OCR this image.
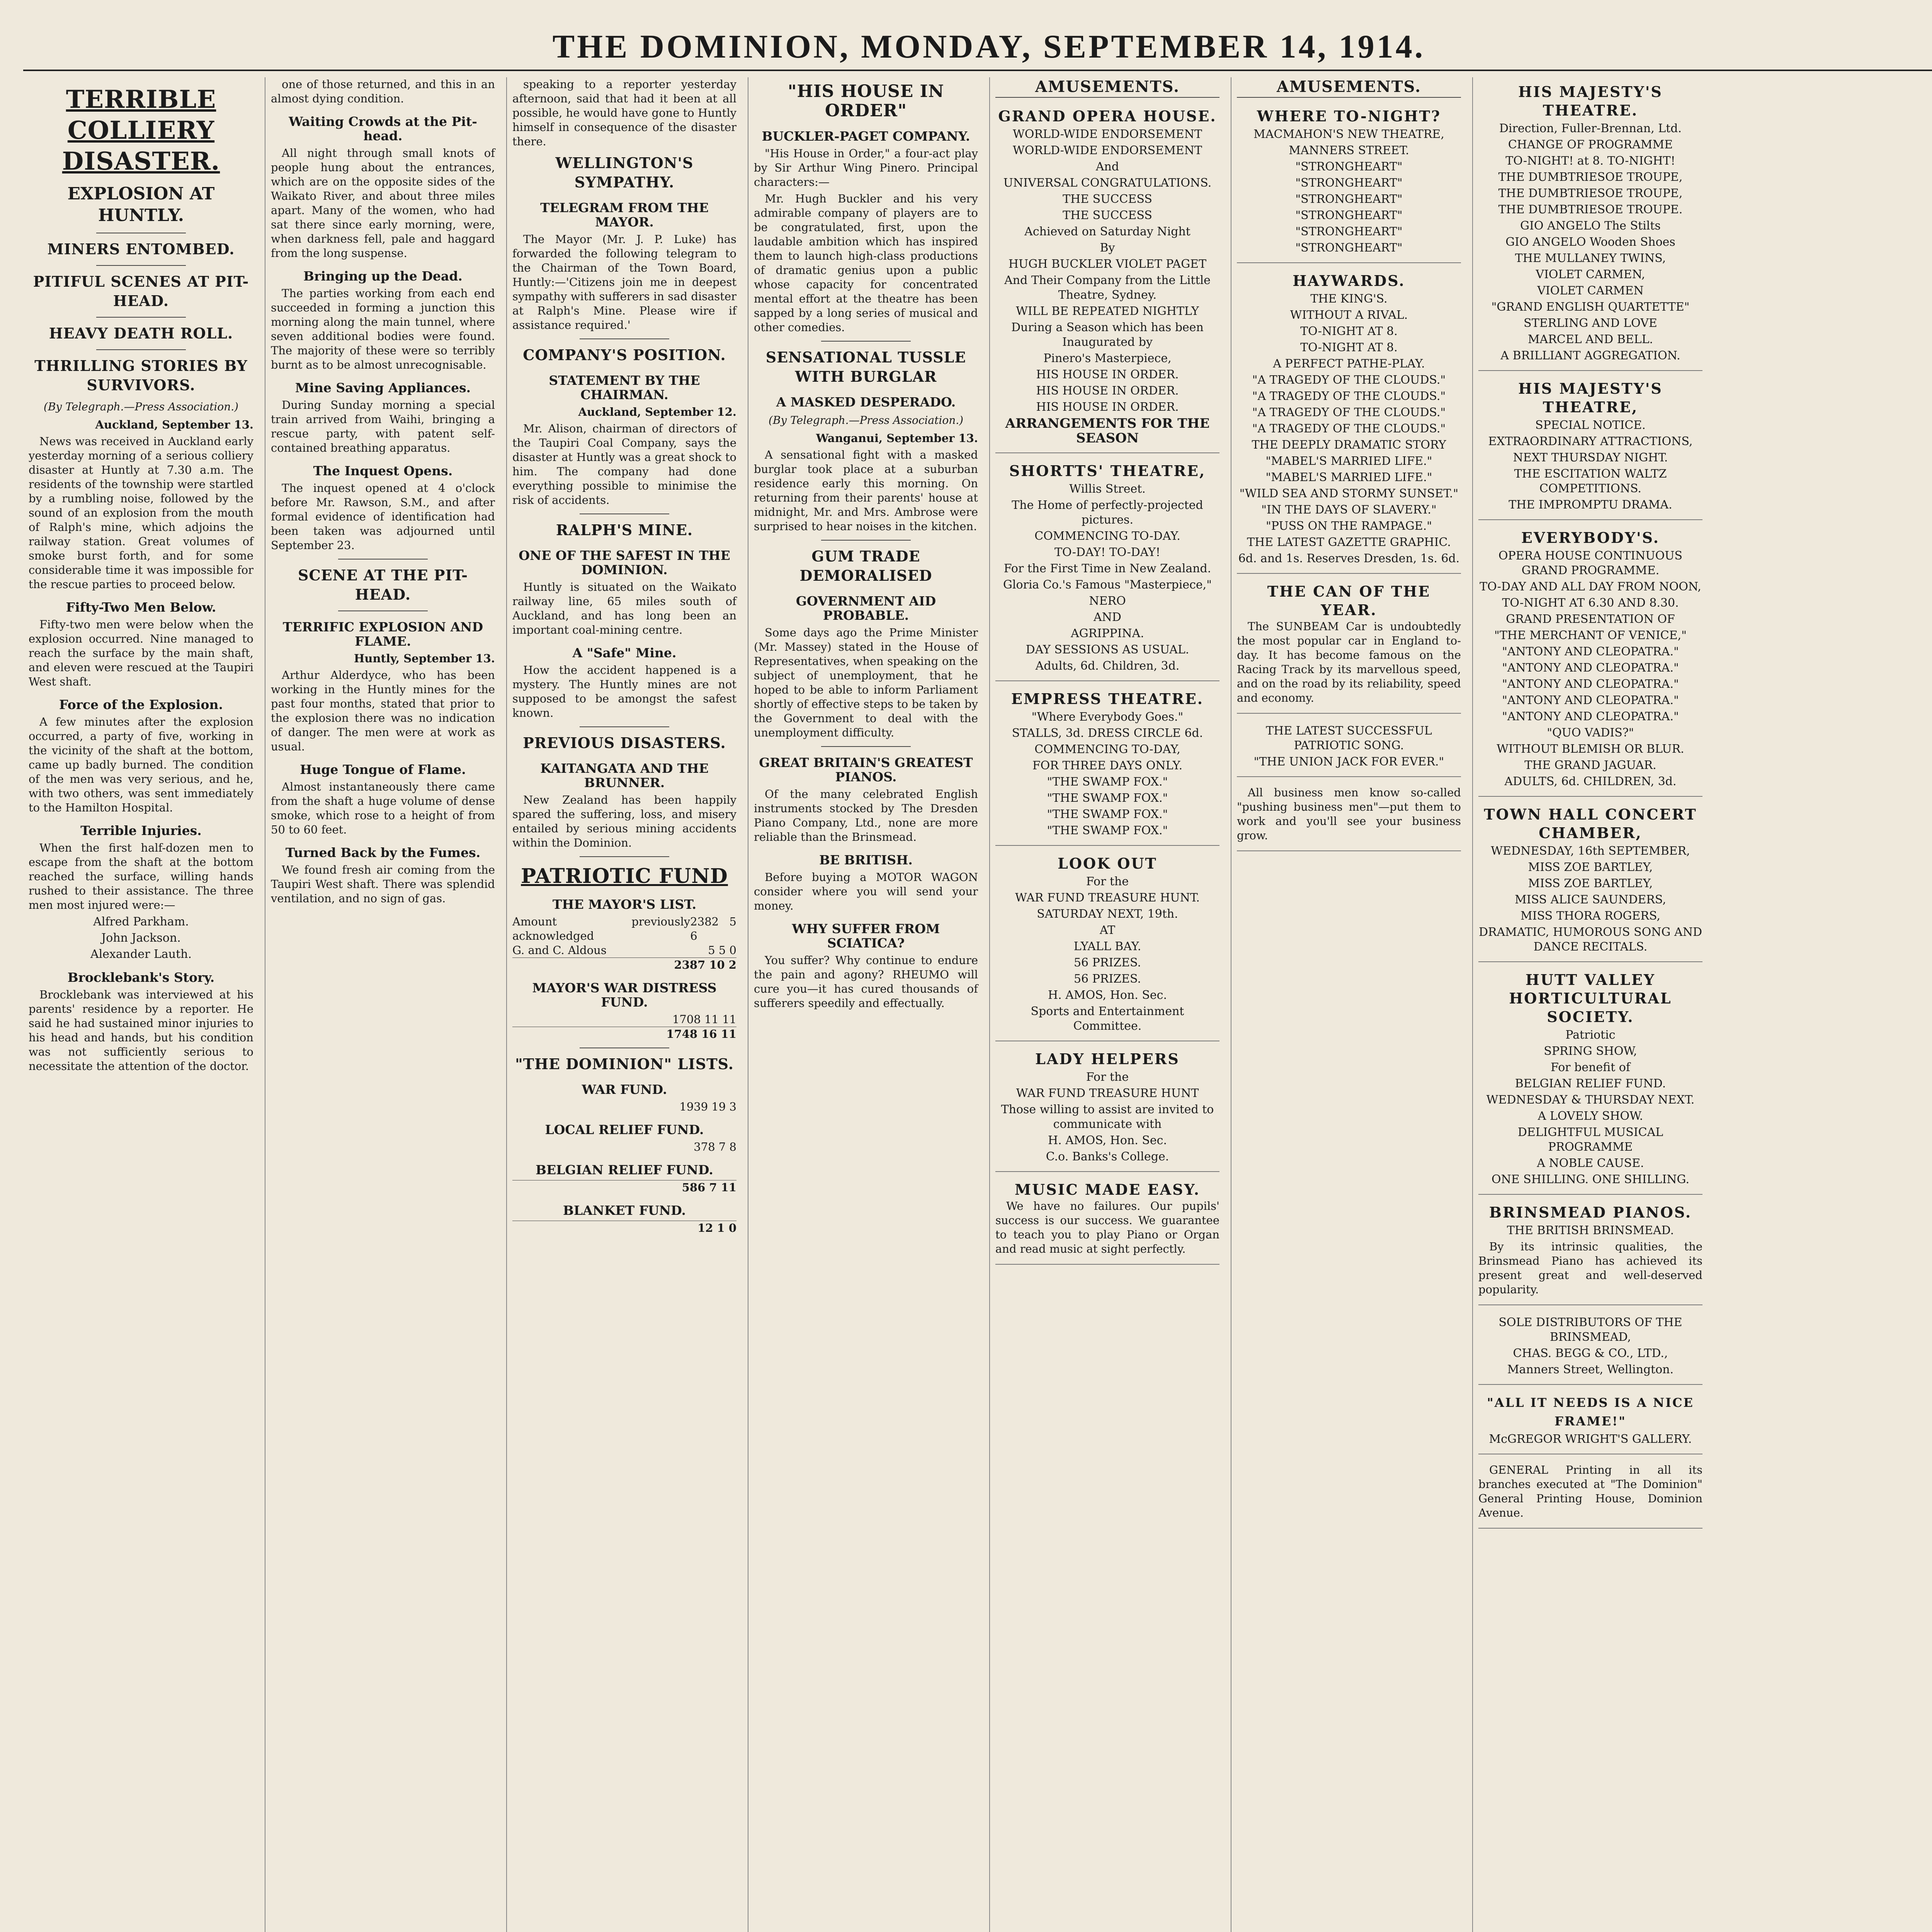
THE DOMINION, MONDAY, SEPTEMBER 14, 1914.
TERRIBLE COLLIERY DISASTER.
EXPLOSION AT HUNTLY.
MINERS ENTOMBED.
PITIFUL SCENES AT PIT-HEAD.
HEAVY DEATH ROLL.
THRILLING STORIES BY SURVIVORS.
(By Telegraph.—Press Association.)

Auckland, September 13.

News was received in Auckland early yesterday morning of a serious colliery disaster at Huntly at 7.30 a.m. The residents of the township were startled by a rumbling noise, followed by the sound of an explosion from the mouth of Ralph's mine, which adjoins the railway station. Great volumes of smoke burst forth, and for some considerable time it was impossible for the rescue parties to proceed below.

Fifty-Two Men Below.

Fifty-two men were below when the explosion occurred. Nine managed to reach the surface by the main shaft, and eleven were rescued at the Taupiri West shaft.

Force of the Explosion.

A few minutes after the explosion occurred, a party of five, working in the vicinity of the shaft at the bottom, came up badly burned. The condition of the men was very serious, and he, with two others, was sent immediately to the Hamilton Hospital.

Terrible Injuries.

When the first half-dozen men to escape from the shaft at the bottom reached the surface, willing hands rushed to their assistance. The three men most injured were:—

Alfred Parkham.
John Jackson.
Alexander Lauth.
Brocklebank's Story.

Brocklebank was interviewed at his parents' residence by a reporter. He said he had sustained minor injuries to his head and hands, but his condition was not sufficiently serious to necessitate the attention of the doctor.

one of those returned, and this in an almost dying condition.

Waiting Crowds at the Pit-head.

All night through small knots of people hung about the entrances, which are on the opposite sides of the Waikato River, and about three miles apart. Many of the women, who had sat there since early morning, were, when darkness fell, pale and haggard from the long suspense.

Bringing up the Dead.

The parties working from each end succeeded in forming a junction this morning along the main tunnel, where seven additional bodies were found. The majority of these were so terribly burnt as to be almost unrecognisable.

Mine Saving Appliances.

During Sunday morning a special train arrived from Waihi, bringing a rescue party, with patent self-contained breathing apparatus.

The Inquest Opens.

The inquest opened at 4 o'clock before Mr. Rawson, S.M., and after formal evidence of identification had been taken was adjourned until September 23.

SCENE AT THE PIT-HEAD.
TERRIFIC EXPLOSION AND FLAME.

Huntly, September 13.

Arthur Alderdyce, who has been working in the Huntly mines for the past four months, stated that prior to the explosion there was no indication of danger. The men were at work as usual.

Huge Tongue of Flame.

Almost instantaneously there came from the shaft a huge volume of dense smoke, which rose to a height of from 50 to 60 feet.

Turned Back by the Fumes.

We found fresh air coming from the Taupiri West shaft. There was splendid ventilation, and no sign of gas.

speaking to a reporter yesterday afternoon, said that had it been at all possible, he would have gone to Huntly himself in consequence of the disaster there.

WELLINGTON'S SYMPATHY.
TELEGRAM FROM THE MAYOR.

The Mayor (Mr. J. P. Luke) has forwarded the following telegram to the Chairman of the Town Board, Huntly:—'Citizens join me in deepest sympathy with sufferers in sad disaster at Ralph's Mine. Please wire if assistance required.'

COMPANY'S POSITION.
STATEMENT BY THE CHAIRMAN.

Auckland, September 12.

Mr. Alison, chairman of directors of the Taupiri Coal Company, says the disaster at Huntly was a great shock to him. The company had done everything possible to minimise the risk of accidents.

RALPH'S MINE.
ONE OF THE SAFEST IN THE DOMINION.

Huntly is situated on the Waikato railway line, 65 miles south of Auckland, and has long been an important coal-mining centre.

A "Safe" Mine.

How the accident happened is a mystery. The Huntly mines are not supposed to be amongst the safest known.

PREVIOUS DISASTERS.
KAITANGATA AND THE BRUNNER.

New Zealand has been happily spared the suffering, loss, and misery entailed by serious mining accidents within the Dominion.

PATRIOTIC FUND
THE MAYOR'S LIST.
Amount previously acknowledged
2382 5 6
G. and C. Aldous	5 5 0
2387 10 2
MAYOR'S WAR DISTRESS FUND.
1708 11 11
1748 16 11
"THE DOMINION" LISTS.
WAR FUND.
1939 19 3
LOCAL RELIEF FUND.
378 7 8
BELGIAN RELIEF FUND.
586 7 11
BLANKET FUND.
12 1 0
"HIS HOUSE IN ORDER"
BUCKLER-PAGET COMPANY.

"His House in Order," a four-act play by Sir Arthur Wing Pinero. Principal characters:—

Mr. Hugh Buckler and his very admirable company of players are to be congratulated, first, upon the laudable ambition which has inspired them to launch high-class productions of dramatic genius upon a public whose capacity for concentrated mental effort at the theatre has been sapped by a long series of musical and other comedies.

SENSATIONAL TUSSLE WITH BURGLAR
A MASKED DESPERADO.
(By Telegraph.—Press Association.)

Wanganui, September 13.

A sensational fight with a masked burglar took place at a suburban residence early this morning. On returning from their parents' house at midnight, Mr. and Mrs. Ambrose were surprised to hear noises in the kitchen.

GUM TRADE DEMORALISED
GOVERNMENT AID PROBABLE.

Some days ago the Prime Minister (Mr. Massey) stated in the House of Representatives, when speaking on the subject of unemployment, that he hoped to be able to inform Parliament shortly of effective steps to be taken by the Government to deal with the unemployment difficulty.

GREAT BRITAIN'S GREATEST PIANOS.

Of the many celebrated English instruments stocked by The Dresden Piano Company, Ltd., none are more reliable than the Brinsmead.

BE BRITISH.

Before buying a MOTOR WAGON consider where you will send your money.

WHY SUFFER FROM SCIATICA?

You suffer? Why continue to endure the pain and agony? RHEUMO will cure you—it has cured thousands of sufferers speedily and effectually.

AMUSEMENTS.
GRAND OPERA HOUSE.
WORLD-WIDE ENDORSEMENT
WORLD-WIDE ENDORSEMENT
And
UNIVERSAL CONGRATULATIONS.
THE SUCCESS
THE SUCCESS
Achieved on Saturday Night
By
HUGH BUCKLER VIOLET PAGET
And Their Company from the Little Theatre, Sydney.
WILL BE REPEATED NIGHTLY
During a Season which has been Inaugurated by
Pinero's Masterpiece,
HIS HOUSE IN ORDER.
HIS HOUSE IN ORDER.
HIS HOUSE IN ORDER.
ARRANGEMENTS FOR THE SEASON
SHORTTS' THEATRE,
Willis Street.
The Home of perfectly-projected pictures.
COMMENCING TO-DAY.
TO-DAY! TO-DAY!
For the First Time in New Zealand.
Gloria Co.'s Famous "Masterpiece,"
NERO
AND
AGRIPPINA.
DAY SESSIONS AS USUAL.
Adults, 6d. Children, 3d.
EMPRESS THEATRE.
"Where Everybody Goes."
STALLS, 3d. DRESS CIRCLE 6d.
COMMENCING TO-DAY,
FOR THREE DAYS ONLY.
"THE SWAMP FOX."
"THE SWAMP FOX."
"THE SWAMP FOX."
"THE SWAMP FOX."
LOOK OUT
For the
WAR FUND TREASURE HUNT.
SATURDAY NEXT, 19th.
AT
LYALL BAY.
56 PRIZES.
56 PRIZES.
H. AMOS, Hon. Sec.
Sports and Entertainment Committee.
LADY HELPERS
For the
WAR FUND TREASURE HUNT
Those willing to assist are invited to communicate with
H. AMOS, Hon. Sec.
C.o. Banks's College.
MUSIC MADE EASY.

We have no failures. Our pupils' success is our success. We guarantee to teach you to play Piano or Organ and read music at sight perfectly.

AMUSEMENTS.
WHERE TO-NIGHT?
MACMAHON'S NEW THEATRE,
MANNERS STREET.
"STRONGHEART"
"STRONGHEART"
"STRONGHEART"
"STRONGHEART"
"STRONGHEART"
"STRONGHEART"
HAYWARDS.
THE KING'S.
WITHOUT A RIVAL.
TO-NIGHT AT 8.
TO-NIGHT AT 8.
A PERFECT PATHE-PLAY.
"A TRAGEDY OF THE CLOUDS."
"A TRAGEDY OF THE CLOUDS."
"A TRAGEDY OF THE CLOUDS."
"A TRAGEDY OF THE CLOUDS."
THE DEEPLY DRAMATIC STORY
"MABEL'S MARRIED LIFE."
"MABEL'S MARRIED LIFE."
"WILD SEA AND STORMY SUNSET."
"IN THE DAYS OF SLAVERY."
"PUSS ON THE RAMPAGE."
THE LATEST GAZETTE GRAPHIC.
6d. and 1s. Reserves Dresden, 1s. 6d.
THE CAN OF THE YEAR.

The SUNBEAM Car is undoubtedly the most popular car in England to-day. It has become famous on the Racing Track by its marvellous speed, and on the road by its reliability, speed and economy.

THE LATEST SUCCESSFUL PATRIOTIC SONG.
"THE UNION JACK FOR EVER."

All business men know so-called "pushing business men"—put them to work and you'll see your business grow.

HIS MAJESTY'S THEATRE.
Direction, Fuller-Brennan, Ltd.
CHANGE OF PROGRAMME
TO-NIGHT! at 8. TO-NIGHT!
THE DUMBTRIESOE TROUPE,
THE DUMBTRIESOE TROUPE,
THE DUMBTRIESOE TROUPE.
GIO ANGELO The Stilts
GIO ANGELO Wooden Shoes
THE MULLANEY TWINS,
VIOLET CARMEN,
VIOLET CARMEN
"GRAND ENGLISH QUARTETTE"
STERLING AND LOVE
MARCEL AND BELL.
A BRILLIANT AGGREGATION.
HIS MAJESTY'S THEATRE,
SPECIAL NOTICE.
EXTRAORDINARY ATTRACTIONS,
NEXT THURSDAY NIGHT.
THE ESCITATION WALTZ COMPETITIONS.
THE IMPROMPTU DRAMA.
EVERYBODY'S.
OPERA HOUSE CONTINUOUS GRAND PROGRAMME.
TO-DAY AND ALL DAY FROM NOON,
TO-NIGHT AT 6.30 AND 8.30.
GRAND PRESENTATION OF
"THE MERCHANT OF VENICE,"
"ANTONY AND CLEOPATRA."
"ANTONY AND CLEOPATRA."
"ANTONY AND CLEOPATRA."
"ANTONY AND CLEOPATRA."
"ANTONY AND CLEOPATRA."
"QUO VADIS?"
WITHOUT BLEMISH OR BLUR.
THE GRAND JAGUAR.
ADULTS, 6d. CHILDREN, 3d.
TOWN HALL CONCERT CHAMBER,
WEDNESDAY, 16th SEPTEMBER,
MISS ZOE BARTLEY,
MISS ZOE BARTLEY,
MISS ALICE SAUNDERS,
MISS THORA ROGERS,
DRAMATIC, HUMOROUS SONG AND DANCE RECITALS.
HUTT VALLEY HORTICULTURAL SOCIETY.
Patriotic
SPRING SHOW,
For benefit of
BELGIAN RELIEF FUND.
WEDNESDAY & THURSDAY NEXT.
A LOVELY SHOW.
DELIGHTFUL MUSICAL PROGRAMME
A NOBLE CAUSE.
ONE SHILLING. ONE SHILLING.
BRINSMEAD PIANOS.
THE BRITISH BRINSMEAD.

By its intrinsic qualities, the Brinsmead Piano has achieved its present great and well-deserved popularity.

SOLE DISTRIBUTORS OF THE BRINSMEAD,
CHAS. BEGG & CO., LTD.,
Manners Street, Wellington.
"ALL IT NEEDS IS A NICE FRAME!"
McGREGOR WRIGHT'S GALLERY.

GENERAL Printing in all its branches executed at "The Dominion" General Printing House, Dominion Avenue.
